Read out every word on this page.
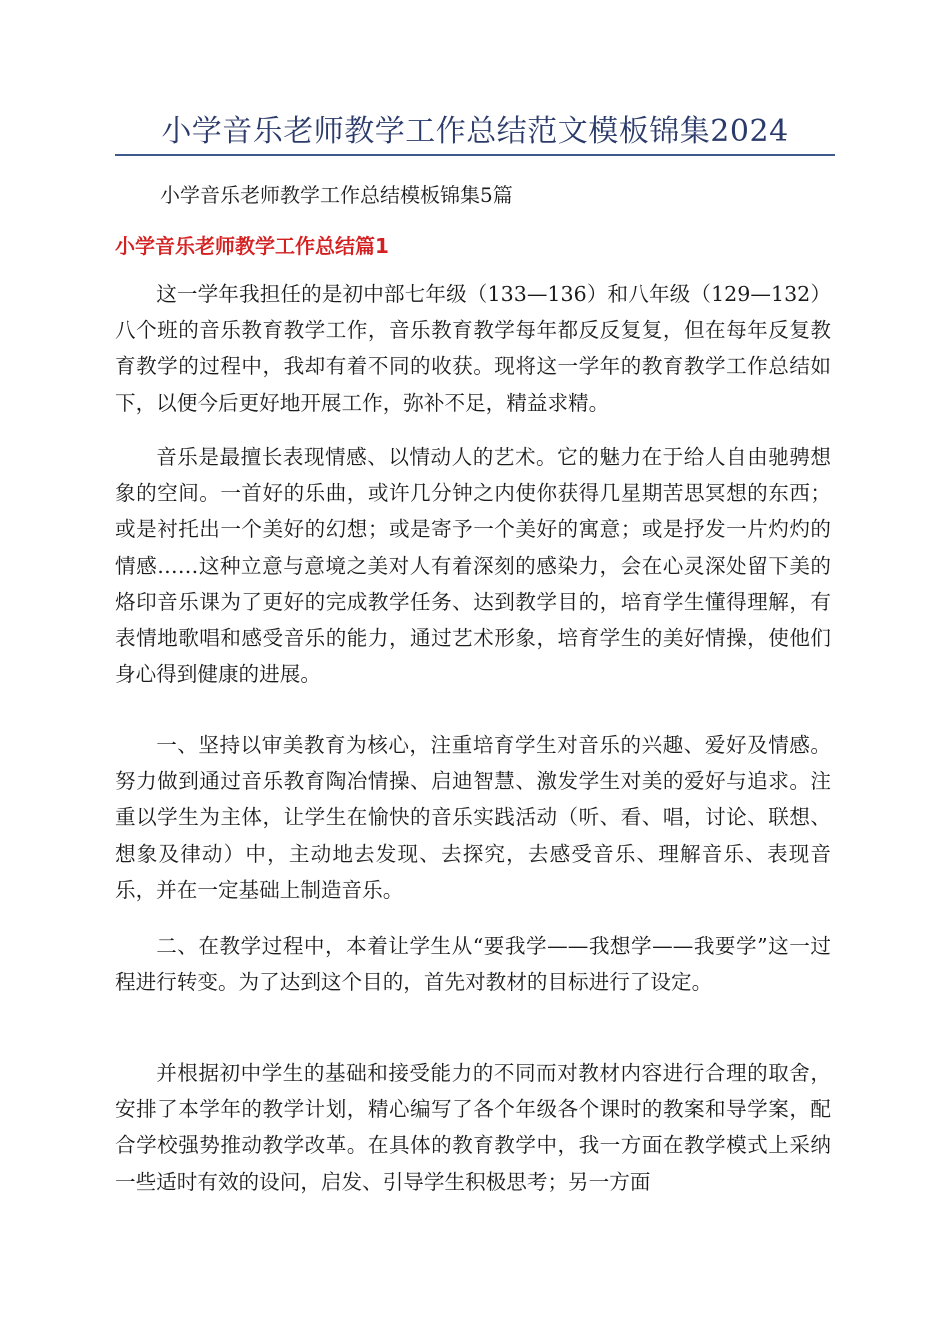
小学音乐老师教学工作总结范文模板锦集2024

小学音乐老师教学工作总结模板锦集5篇

小学音乐老师教学工作总结篇1

这一学年我担任的是初中部七年级（133—136）和八年级（129—132）八个班的音乐教育教学工作，音乐教育教学每年都反反复复，但在每年反复教育教学的过程中，我却有着不同的收获。现将这一学年的教育教学工作总结如下，以便今后更好地开展工作，弥补不足，精益求精。

音乐是最擅长表现情感、以情动人的艺术。它的魅力在于给人自由驰骋想象的空间。一首好的乐曲，或许几分钟之内使你获得几星期苦思冥想的东西；或是衬托出一个美好的幻想；或是寄予一个美好的寓意；或是抒发一片灼灼的情感……这种立意与意境之美对人有着深刻的感染力，会在心灵深处留下美的烙印音乐课为了更好的完成教学任务、达到教学目的，培育学生懂得理解，有表情地歌唱和感受音乐的能力，通过艺术形象，培育学生的美好情操，使他们身心得到健康的进展。

一、坚持以审美教育为核心，注重培育学生对音乐的兴趣、爱好及情感。努力做到通过音乐教育陶冶情操、启迪智慧、激发学生对美的爱好与追求。注重以学生为主体，让学生在愉快的音乐实践活动（听、看、唱，讨论、联想、想象及律动）中，主动地去发现、去探究，去感受音乐、理解音乐、表现音乐，并在一定基础上制造音乐。

二、在教学过程中，本着让学生从“要我学——我想学——我要学”这一过程进行转变。为了达到这个目的，首先对教材的目标进行了设定。

并根据初中学生的基础和接受能力的不同而对教材内容进行合理的取舍，安排了本学年的教学计划，精心编写了各个年级各个课时的教案和导学案，配合学校强势推动教学改革。在具体的教育教学中，我一方面在教学模式上采纳一些适时有效的设问，启发、引导学生积极思考；另一方面
